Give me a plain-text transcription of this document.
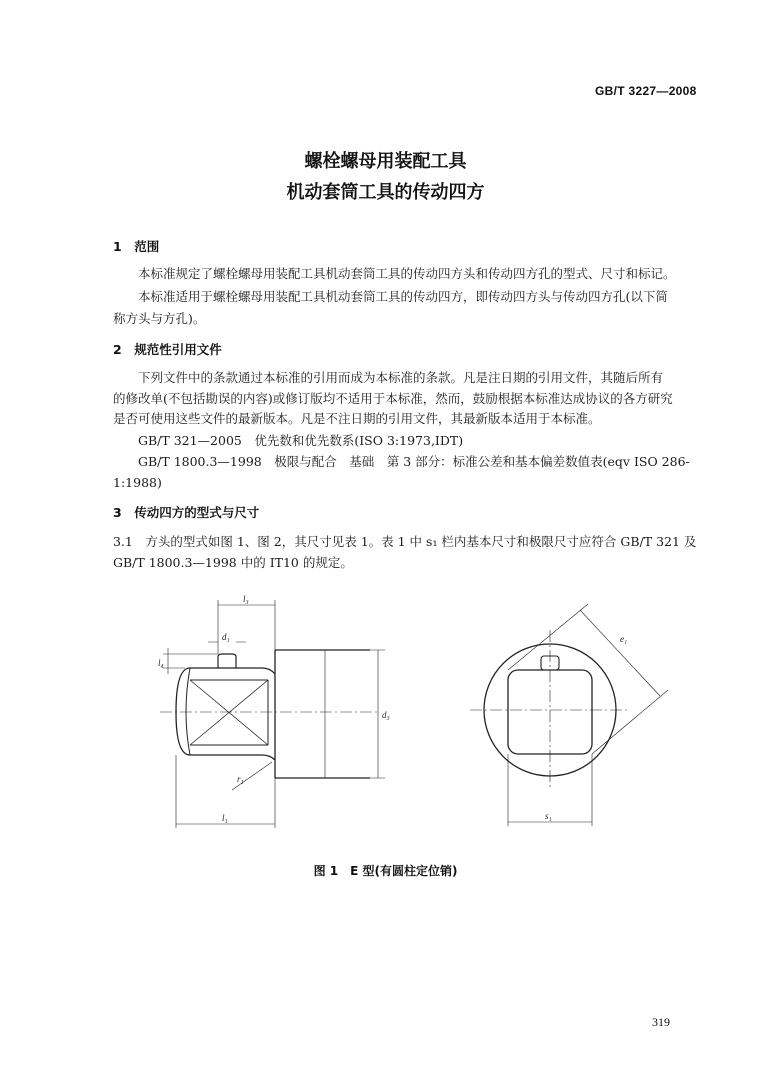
GB/T 3227—2008
螺栓螺母用装配工具
机动套筒工具的传动四方
1　范围
本标准规定了螺栓螺母用装配工具机动套筒工具的传动四方头和传动四方孔的型式、尺寸和标记。
本标准适用于螺栓螺母用装配工具机动套筒工具的传动四方，即传动四方头与传动四方孔(以下简
称方头与方孔)。
2　规范性引用文件
下列文件中的条款通过本标准的引用而成为本标准的条款。凡是注日期的引用文件，其随后所有
的修改单(不包括勘误的内容)或修订版均不适用于本标准，然而，鼓励根据本标准达成协议的各方研究
是否可使用这些文件的最新版本。凡是不注日期的引用文件，其最新版本适用于本标准。
GB/T 321—2005　优先数和优先数系(ISO 3:1973,IDT)
GB/T 1800.3—1998　极限与配合　基础　第 3 部分：标准公差和基本偏差数值表(eqv ISO 286-
1:1988)
3　传动四方的型式与尺寸
3.1　方头的型式如图 1、图 2，其尺寸见表 1。表 1 中 s₁ 栏内基本尺寸和极限尺寸应符合 GB/T 321 及
GB/T 1800.3—1998 中的 IT10 的规定。
l₃
d₁
l₄
d₃
r₁
l₁
e₁
s₁
图 1　E 型(有圆柱定位销)
319
